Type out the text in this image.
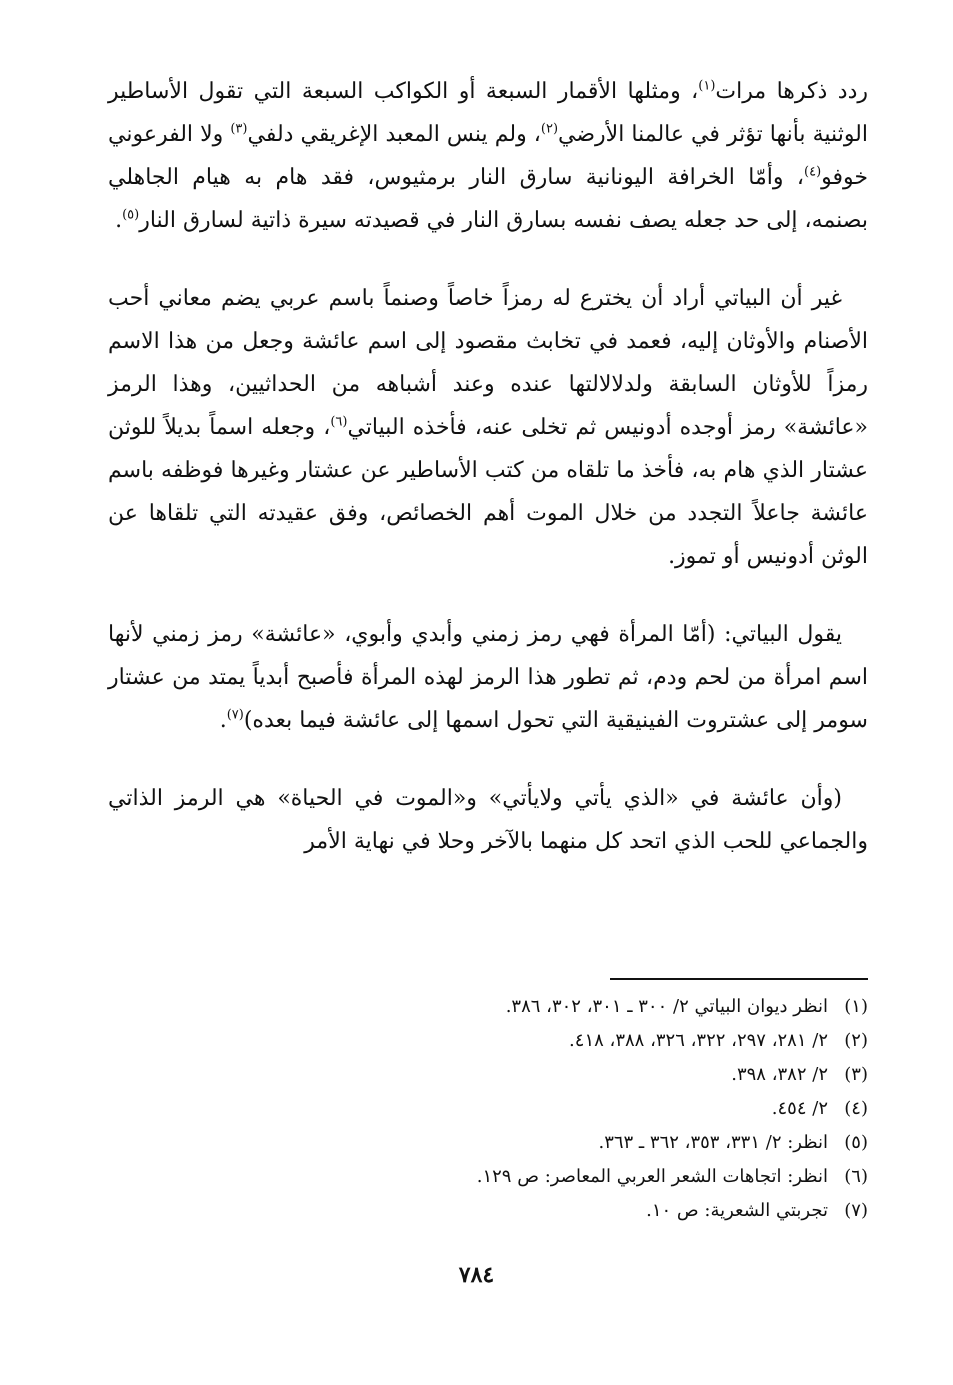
ردد ذكرها مرات$^{(١)}$، ومثلها الأقمار السبعة أو الكواكب السبعة التي تقول الأساطير الوثنية بأنها تؤثر في عالمنا الأرضي$^{(٢)}$، ولم ينس المعبد الإغريقي دلفي$^{(٣)}$ ولا الفرعوني خوفو$^{(٤)}$، وأمّا الخرافة اليونانية سارق النار برمثيوس، فقد هام به هيام الجاهلي بصنمه، إلى حد جعله يصف نفسه بسارق النار في قصيدته سيرة ذاتية لسارق النار$^{(٥)}$.

غير أن البياتي أراد أن يخترع له رمزاً خاصاً وصنماً باسم عربي يضم معاني أحب الأصنام والأوثان إليه، فعمد في تخابث مقصود إلى اسم عائشة وجعل من هذا الاسم رمزاً للأوثان السابقة ولدلالالتها عنده وعند أشباهه من الحداثيين، وهذا الرمز «عائشة» رمز أوجده أدونيس ثم تخلى عنه، فأخذه البياتي$^{(٦)}$، وجعله اسماً بديلاً للوثن عشتار الذي هام به، فأخذ ما تلقاه من كتب الأساطير عن عشتار وغيرها فوظفه باسم عائشة جاعلاً التجدد من خلال الموت أهم الخصائص، وفق عقيدته التي تلقاها عن الوثن أدونيس أو تموز.

يقول البياتي: (أمّا المرأة فهي رمز زمني وأبدي وأبوي، «عائشة» رمز زمني لأنها اسم امرأة من لحم ودم، ثم تطور هذا الرمز لهذه المرأة فأصبح أبدياً يمتد من عشتار سومر إلى عشتروت الفينيقية التي تحول اسمها إلى عائشة فيما بعده)$^{(٧)}$.

(وأن عائشة في «الذي يأتي ولايأتي» و«الموت في الحياة» هي الرمز الذاتي والجماعي للحب الذي اتحد كل منهما بالآخر وحلا في نهاية الأمر

(١)انظر ديوان البياتي ٢/ ٣٠٠ ـ ٣٠١، ٣٠٢، ٣٨٦.
(٢)٢/ ٢٨١، ٢٩٧، ٣٢٢، ٣٢٦، ٣٨٨، ٤١٨.
(٣)٢/ ٣٨٢، ٣٩٨.
(٤)٢/ ٤٥٤.
(٥)انظر: ٢/ ٣٣١، ٣٥٣، ٣٦٢ ـ ٣٦٣.
(٦)انظر: اتجاهات الشعر العربي المعاصر: ص ١٢٩.
(٧)تجربتي الشعرية: ص ١٠.
٧٨٤
